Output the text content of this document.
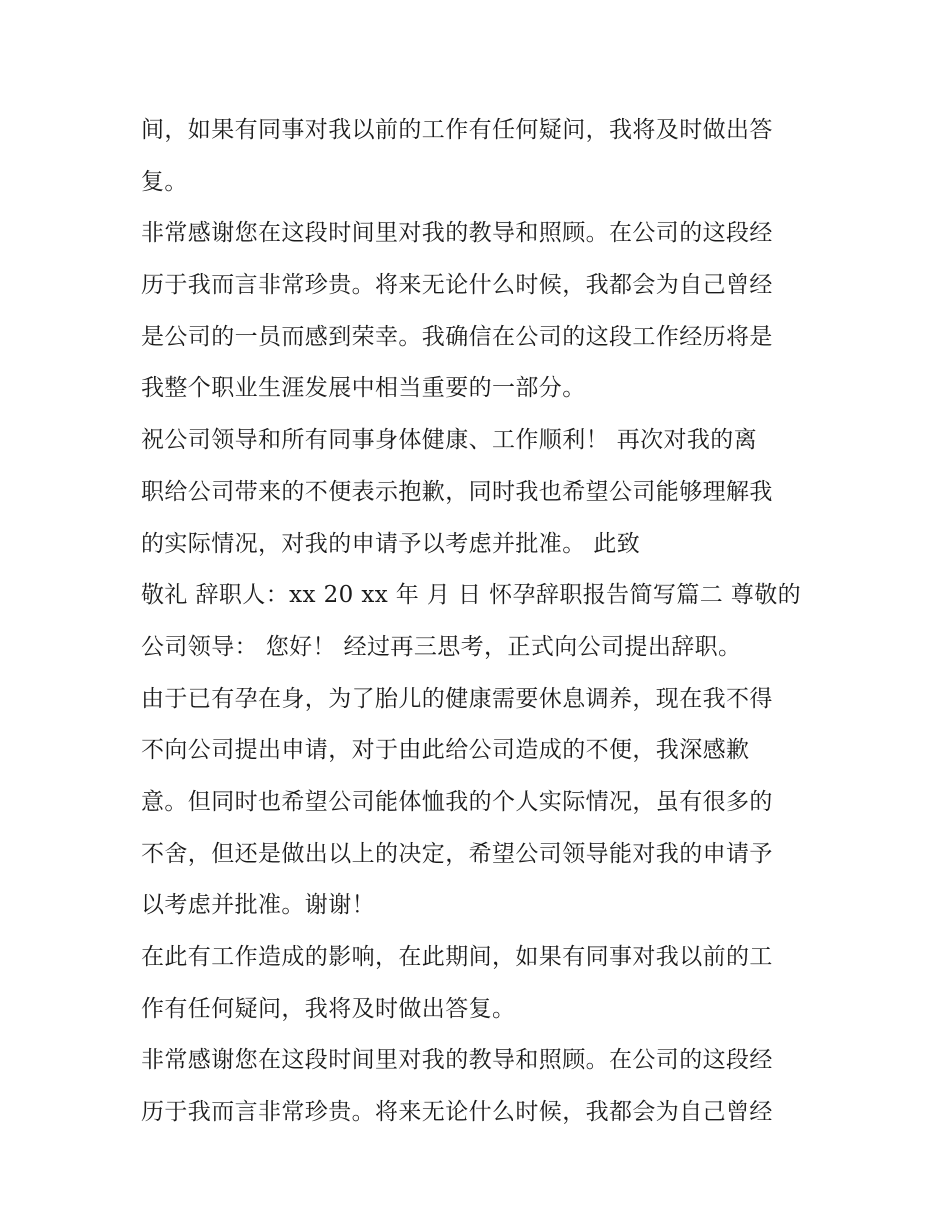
间，如果有同事对我以前的工作有任何疑问，我将及时做出答
复。
非常感谢您在这段时间里对我的教导和照顾。在公司的这段经
历于我而言非常珍贵。将来无论什么时候，我都会为自己曾经
是公司的一员而感到荣幸。我确信在公司的这段工作经历将是
我整个职业生涯发展中相当重要的一部分。
祝公司领导和所有同事身体健康、工作顺利！ 再次对我的离
职给公司带来的不便表示抱歉，同时我也希望公司能够理解我
的实际情况，对我的申请予以考虑并批准。 此致
敬礼 辞职人：xx 20 xx 年 月 日 怀孕辞职报告简写篇二 尊敬的
公司领导： 您好！ 经过再三思考，正式向公司提出辞职。
由于已有孕在身，为了胎儿的健康需要休息调养，现在我不得
不向公司提出申请，对于由此给公司造成的不便，我深感歉
意。但同时也希望公司能体恤我的个人实际情况，虽有很多的
不舍，但还是做出以上的决定，希望公司领导能对我的申请予
以考虑并批准。谢谢！
在此有工作造成的影响，在此期间，如果有同事对我以前的工
作有任何疑问，我将及时做出答复。
非常感谢您在这段时间里对我的教导和照顾。在公司的这段经
历于我而言非常珍贵。将来无论什么时候，我都会为自己曾经
